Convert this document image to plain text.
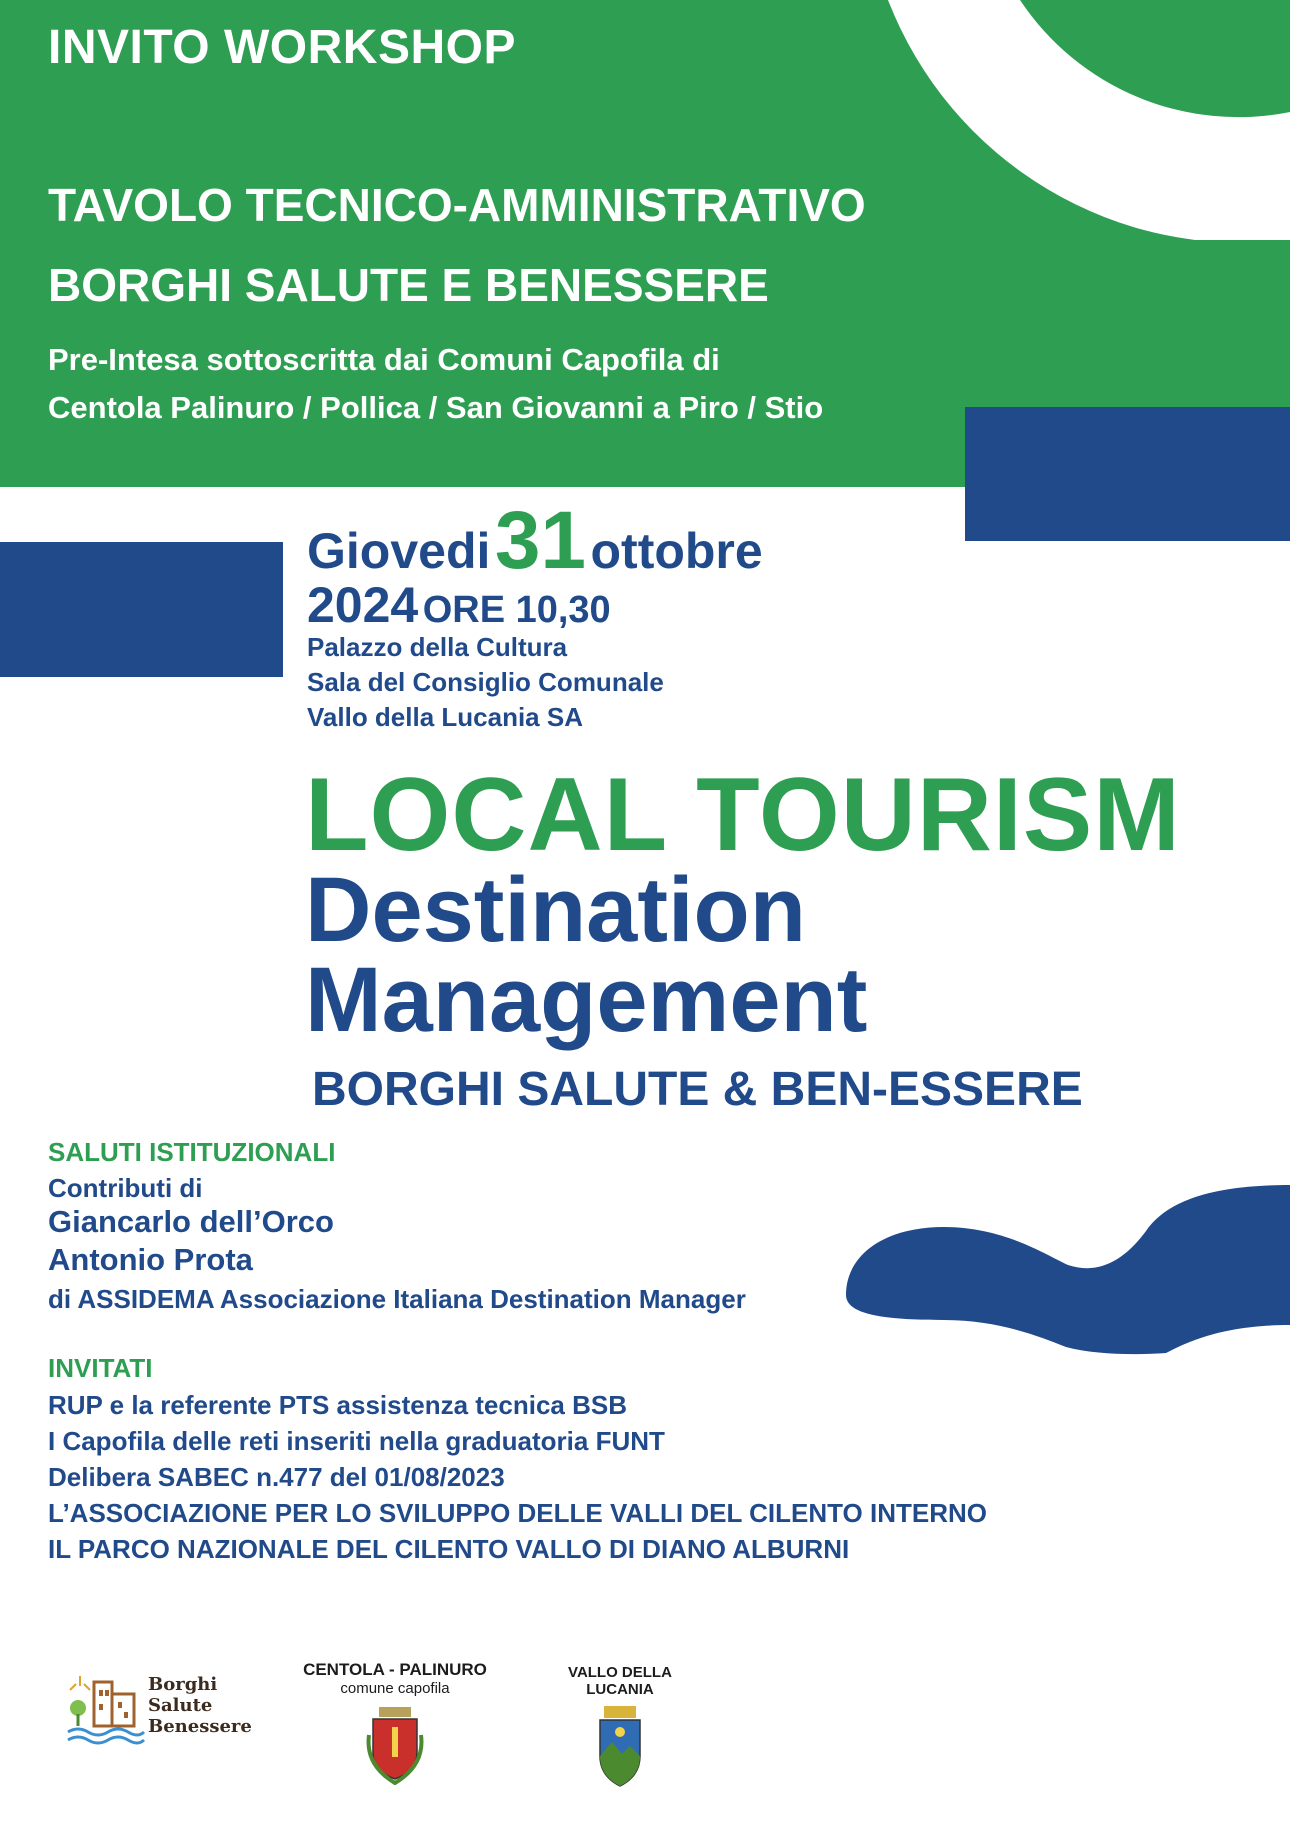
INVITO WORKSHOP
TAVOLO TECNICO-AMMINISTRATIVO
BORGHI SALUTE E BENESSERE
Pre-Intesa sottoscritta dai Comuni Capofila di
Centola Palinuro / Pollica / San Giovanni a Piro / Stio
Giovedi 31 ottobre
2024 ORE 10,30
Palazzo della Cultura
Sala del Consiglio Comunale
Vallo della Lucania SA
LOCAL TOURISM
Destination
Management
BORGHI SALUTE & BEN-ESSERE
SALUTI ISTITUZIONALI
Contributi di
Giancarlo dell’Orco
Antonio Prota
di ASSIDEMA Associazione Italiana Destination Manager
INVITATI
RUP e la referente PTS assistenza tecnica BSB
I Capofila delle reti inseriti nella graduatoria FUNT
Delibera SABEC n.477 del 01/08/2023
L’ASSOCIAZIONE PER LO SVILUPPO DELLE VALLI DEL CILENTO INTERNO
IL PARCO NAZIONALE DEL CILENTO VALLO DI DIANO ALBURNI
Borghi
Salute
Benessere
CENTOLA - PALINURO
comune capofila
VALLO DELLA
LUCANIA
